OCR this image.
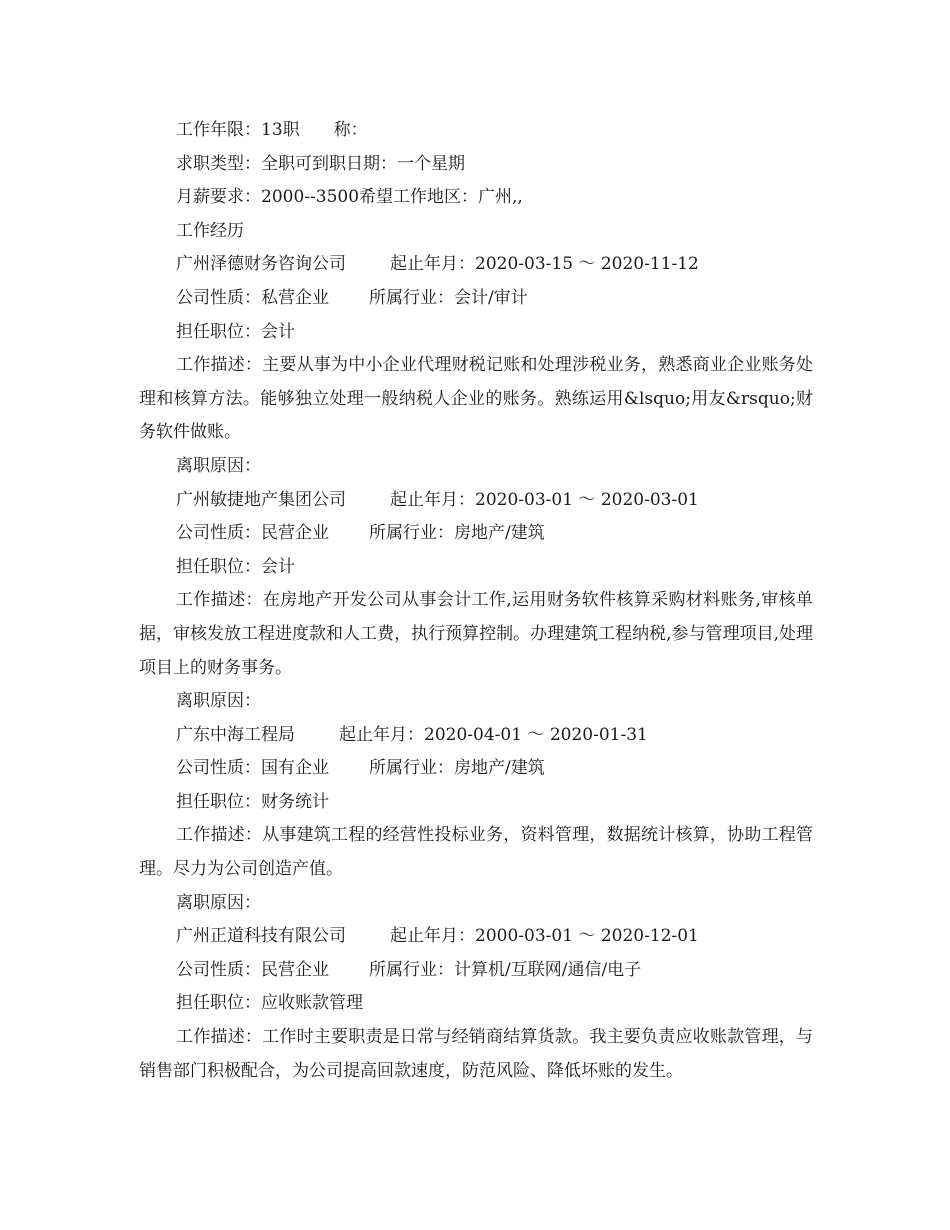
工作年限：13职　　称：
求职类型：全职可到职日期：一个星期
月薪要求：2000--3500希望工作地区：广州,,
工作经历
广州泽德财务咨询公司	起止年月：2020-03-15 ～ 2020-11-12
公司性质：私营企业 所属行业：会计/审计
担任职位：会计
工作描述：主要从事为中小企业代理财税记账和处理涉税业务，熟悉商业企业账务处理和核算方法。能够独立处理一般纳税人企业的账务。熟练运用&lsquo;用友&rsquo;财务软件做账。
离职原因：
广州敏捷地产集团公司	起止年月：2020-03-01 ～ 2020-03-01
公司性质：民营企业 所属行业：房地产/建筑
担任职位：会计
工作描述：在房地产开发公司从事会计工作,运用财务软件核算采购材料账务,审核单据，审核发放工程进度款和人工费，执行预算控制。办理建筑工程纳税,参与管理项目,处理项目上的财务事务。
离职原因：
广东中海工程局	起止年月：2020-04-01 ～ 2020-01-31
公司性质：国有企业 所属行业：房地产/建筑
担任职位：财务统计
工作描述：从事建筑工程的经营性投标业务，资料管理，数据统计核算，协助工程管理。尽力为公司创造产值。
离职原因：
广州正道科技有限公司	起止年月：2000-03-01 ～ 2020-12-01
公司性质：民营企业 所属行业：计算机/互联网/通信/电子
担任职位：应收账款管理
工作描述：工作时主要职责是日常与经销商结算货款。我主要负责应收账款管理，与销售部门积极配合，为公司提高回款速度，防范风险、降低坏账的发生。
